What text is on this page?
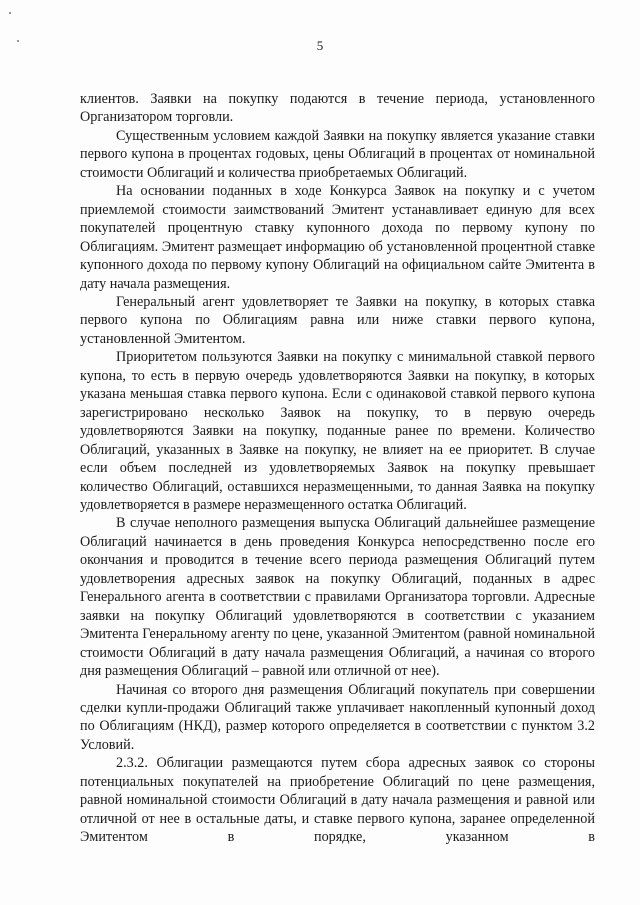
5

клиентов. Заявки на покупку подаются в течение периода, установленного Организатором торговли.

Существенным условием каждой Заявки на покупку является указание ставки первого купона в процентах годовых, цены Облигаций в процентах от номинальной стоимости Облигаций и количества приобретаемых Облигаций.

На основании поданных в ходе Конкурса Заявок на покупку и с учетом приемлемой стоимости заимствований Эмитент устанавливает единую для всех покупателей процентную ставку купонного дохода по первому купону по Облигациям. Эмитент размещает информацию об установленной процентной ставке купонного дохода по первому купону Облигаций на официальном сайте Эмитента в дату начала размещения.

Генеральный агент удовлетворяет те Заявки на покупку, в которых ставка первого купона по Облигациям равна или ниже ставки первого купона, установленной Эмитентом.

Приоритетом пользуются Заявки на покупку с минимальной ставкой первого купона, то есть в первую очередь удовлетворяются Заявки на покупку, в которых указана меньшая ставка первого купона. Если с одинаковой ставкой первого купона зарегистрировано несколько Заявок на покупку, то в первую очередь удовлетворяются Заявки на покупку, поданные ранее по времени. Количество Облигаций, указанных в Заявке на покупку, не влияет на ее приоритет. В случае если объем последней из удовлетворяемых Заявок на покупку превышает количество Облигаций, оставшихся неразмещенными, то данная Заявка на покупку удовлетворяется в размере неразмещенного остатка Облигаций.

В случае неполного размещения выпуска Облигаций дальнейшее размещение Облигаций начинается в день проведения Конкурса непосредственно после его окончания и проводится в течение всего периода размещения Облигаций путем удовлетворения адресных заявок на покупку Облигаций, поданных в адрес Генерального агента в соответствии с правилами Организатора торговли. Адресные заявки на покупку Облигаций удовлетворяются в соответствии с указанием Эмитента Генеральному агенту по цене, указанной Эмитентом (равной номинальной стоимости Облигаций в дату начала размещения Облигаций, а начиная со второго дня размещения Облигаций – равной или отличной от нее).

Начиная со второго дня размещения Облигаций покупатель при совершении сделки купли-продажи Облигаций также уплачивает накопленный купонный доход по Облигациям (НКД), размер которого определяется в соответствии с пунктом 3.2 Условий.

2.3.2. Облигации размещаются путем сбора адресных заявок со стороны потенциальных покупателей на приобретение Облигаций по цене размещения, равной номинальной стоимости Облигаций в дату начала размещения и равной или отличной от нее в остальные даты, и ставке первого купона, заранее определенной Эмитентом в порядке, указанном в
